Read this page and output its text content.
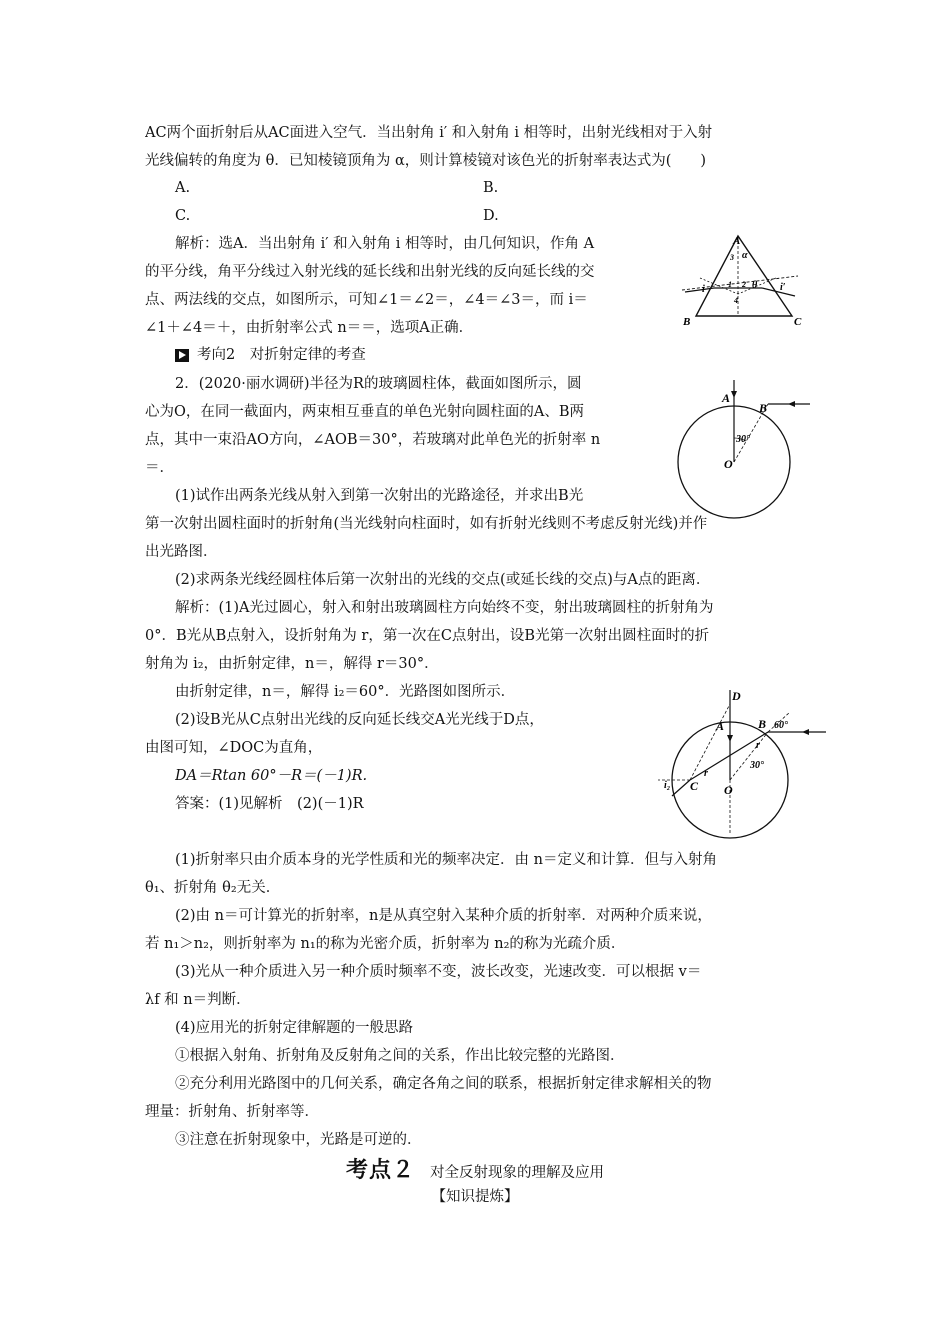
AC两个面折射后从AC面进入空气．当出射角 i′ 和入射角 i 相等时，出射光线相对于入射
光线偏转的角度为 θ．已知棱镜顶角为 α，则计算棱镜对该色光的折射率表达式为(　　)
A.	B.
C.	D.
解析：选A．当出射角 i′ 和入射角 i 相等时，由几何知识，作角 A
的平分线，角平分线过入射光线的延长线和出射光线的反向延长线的交
点、两法线的交点，如图所示，可知∠1＝∠2＝，∠4＝∠3＝，而 i＝
∠1＋∠4＝＋，由折射率公式 n＝＝，选项A正确．
考向2　对折射定律的考查
2．(2020·丽水调研)半径为R的玻璃圆柱体，截面如图所示，圆
心为O，在同一截面内，两束相互垂直的单色光射向圆柱面的A、B两
点，其中一束沿AO方向，∠AOB＝30°，若玻璃对此单色光的折射率 n
＝．
(1)试作出两条光线从射入到第一次射出的光路途径，并求出B光
第一次射出圆柱面时的折射角(当光线射向柱面时，如有折射光线则不考虑反射光线)并作
出光路图．
(2)求两条光线经圆柱体后第一次射出的光线的交点(或延长线的交点)与A点的距离．
解析：(1)A光过圆心，射入和射出玻璃圆柱方向始终不变，射出玻璃圆柱的折射角为
0°．B光从B点射入，设折射角为 r，第一次在C点射出，设B光第一次射出圆柱面时的折
射角为 i₂，由折射定律，n＝，解得 r＝30°．
由折射定律，n＝，解得 i₂＝60°．光路图如图所示．
(2)设B光从C点射出光线的反向延长线交A光光线于D点，
由图可知，∠DOC为直角，
DA＝Rtan 60°－R＝(－1)R.
答案：(1)见解析　(2)(－1)R
(1)折射率只由介质本身的光学性质和光的频率决定．由 n＝定义和计算．但与入射角
θ₁、折射角 θ₂无关．
(2)由 n＝可计算光的折射率，n是从真空射入某种介质的折射率．对两种介质来说，
若 n₁＞n₂，则折射率为 n₁的称为光密介质，折射率为 n₂的称为光疏介质．
(3)光从一种介质进入另一种介质时频率不变，波长改变，光速改变．可以根据 v＝
λf 和 n＝判断．
(4)应用光的折射定律解题的一般思路
①根据入射角、折射角及反射角之间的关系，作出比较完整的光路图．
②充分利用光路图中的几何关系，确定各角之间的联系，根据折射定律求解相关的物
理量：折射角、折射率等．
③注意在折射现象中，光路是可逆的．
考点２ 对全反射现象的理解及应用
【知识提炼】
A
B	C
α
θ
3
1 2
4
i	i′
A
B
O
30°
D
A	B
C O
r
r
60°
30°
i₂
